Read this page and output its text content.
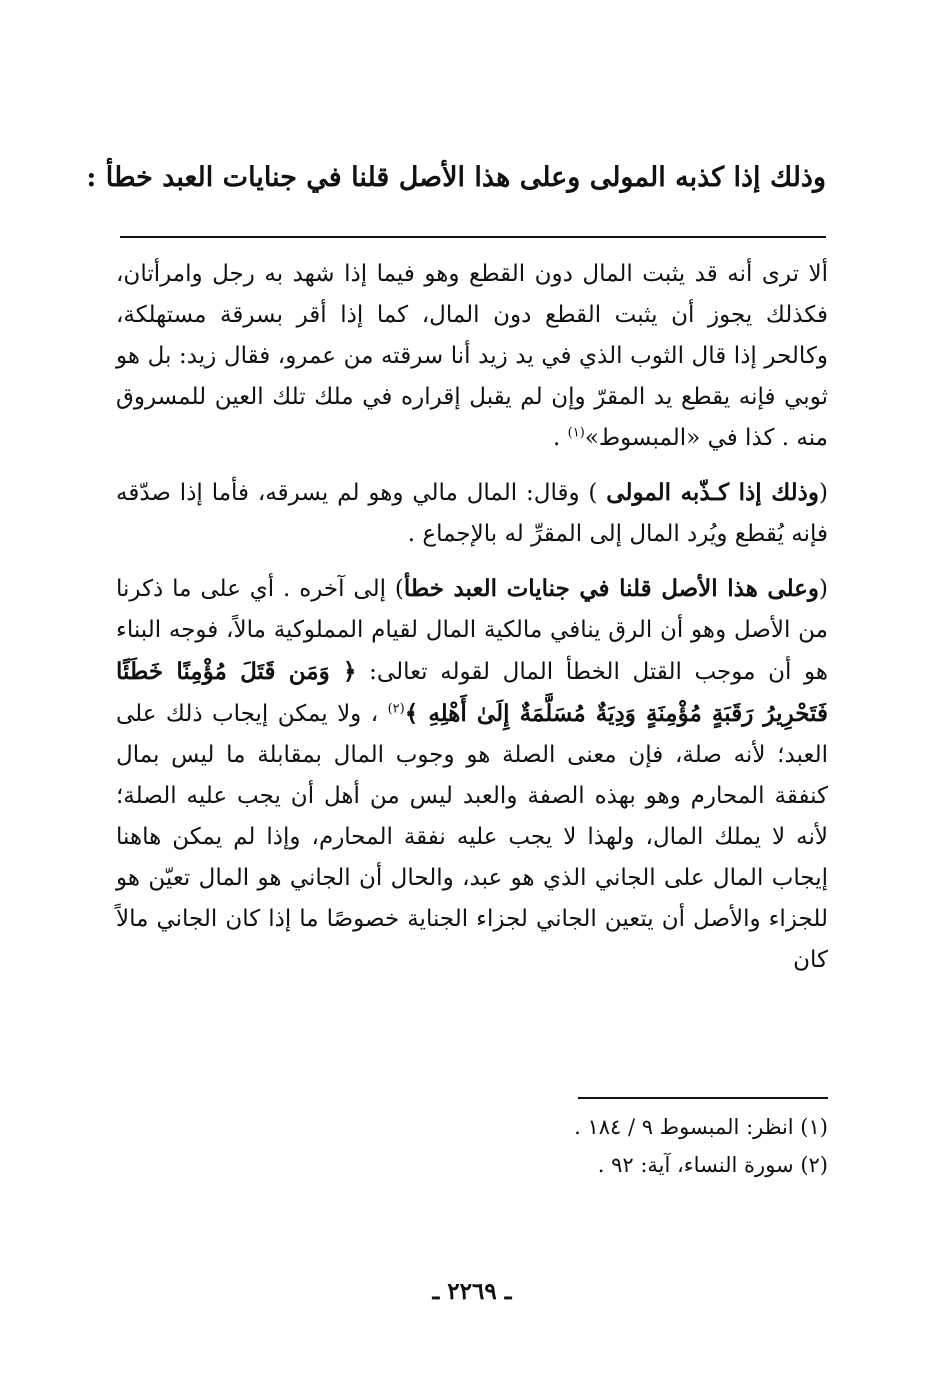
وذلك إذا كذبه المولى وعلى هذا الأصل قلنا في جنايات العبد خطأ :

ألا ترى أنه قد يثبت المال دون القطع وهو فيما إذا شهد به رجل وامرأتان، فكذلك يجوز أن يثبت القطع دون المال، كما إذا أقر بسرقة مستهلكة، وكالحر إذا قال الثوب الذي في يد زيد أنا سرقته من عمرو، فقال زيد: بل هو ثوبي فإنه يقطع يد المقرّ وإن لم يقبل إقراره في ملك تلك العين للمسروق منه . كذا في «المبسوط»$^{(١)}$ .

(وذلك إذا كـذّبه المولى ) وقال: المال مالي وهو لم يسرقه، فأما إذا صدّقه فإنه يُقطع ويُرد المال إلى المقرِّ له بالإجماع .

(وعلى هذا الأصل قلنا في جنايات العبد خطأ) إلى آخره . أي على ما ذكرنا من الأصل وهو أن الرق ينافي مالكية المال لقيام المملوكية مالاً، فوجه البناء هو أن موجب القتل الخطأ المال لقوله تعالى: ﴿ وَمَن قَتَلَ مُؤْمِنًا خَطَئًا فَتَحْرِيرُ رَقَبَةٍ مُؤْمِنَةٍ وَدِيَةٌ مُسَلَّمَةٌ إِلَىٰ أَهْلِهِ ﴾$^{(٢)}$ ، ولا يمكن إيجاب ذلك على العبد؛ لأنه صلة، فإن معنى الصلة هو وجوب المال بمقابلة ما ليس بمال كنفقة المحارم وهو بهذه الصفة والعبد ليس من أهل أن يجب عليه الصلة؛ لأنه لا يملك المال، ولهذا لا يجب عليه نفقة المحارم، وإذا لم يمكن هاهنا إيجاب المال على الجاني الذي هو عبد، والحال أن الجاني هو المال تعيّن هو للجزاء والأصل أن يتعين الجاني لجزاء الجناية خصوصًا ما إذا كان الجاني مالاً كان

(١) انظر: المبسوط ٩ / ١٨٤ .
(٢) سورة النساء، آية: ٩٢ .
ـ ٢٢٦٩ ـ
